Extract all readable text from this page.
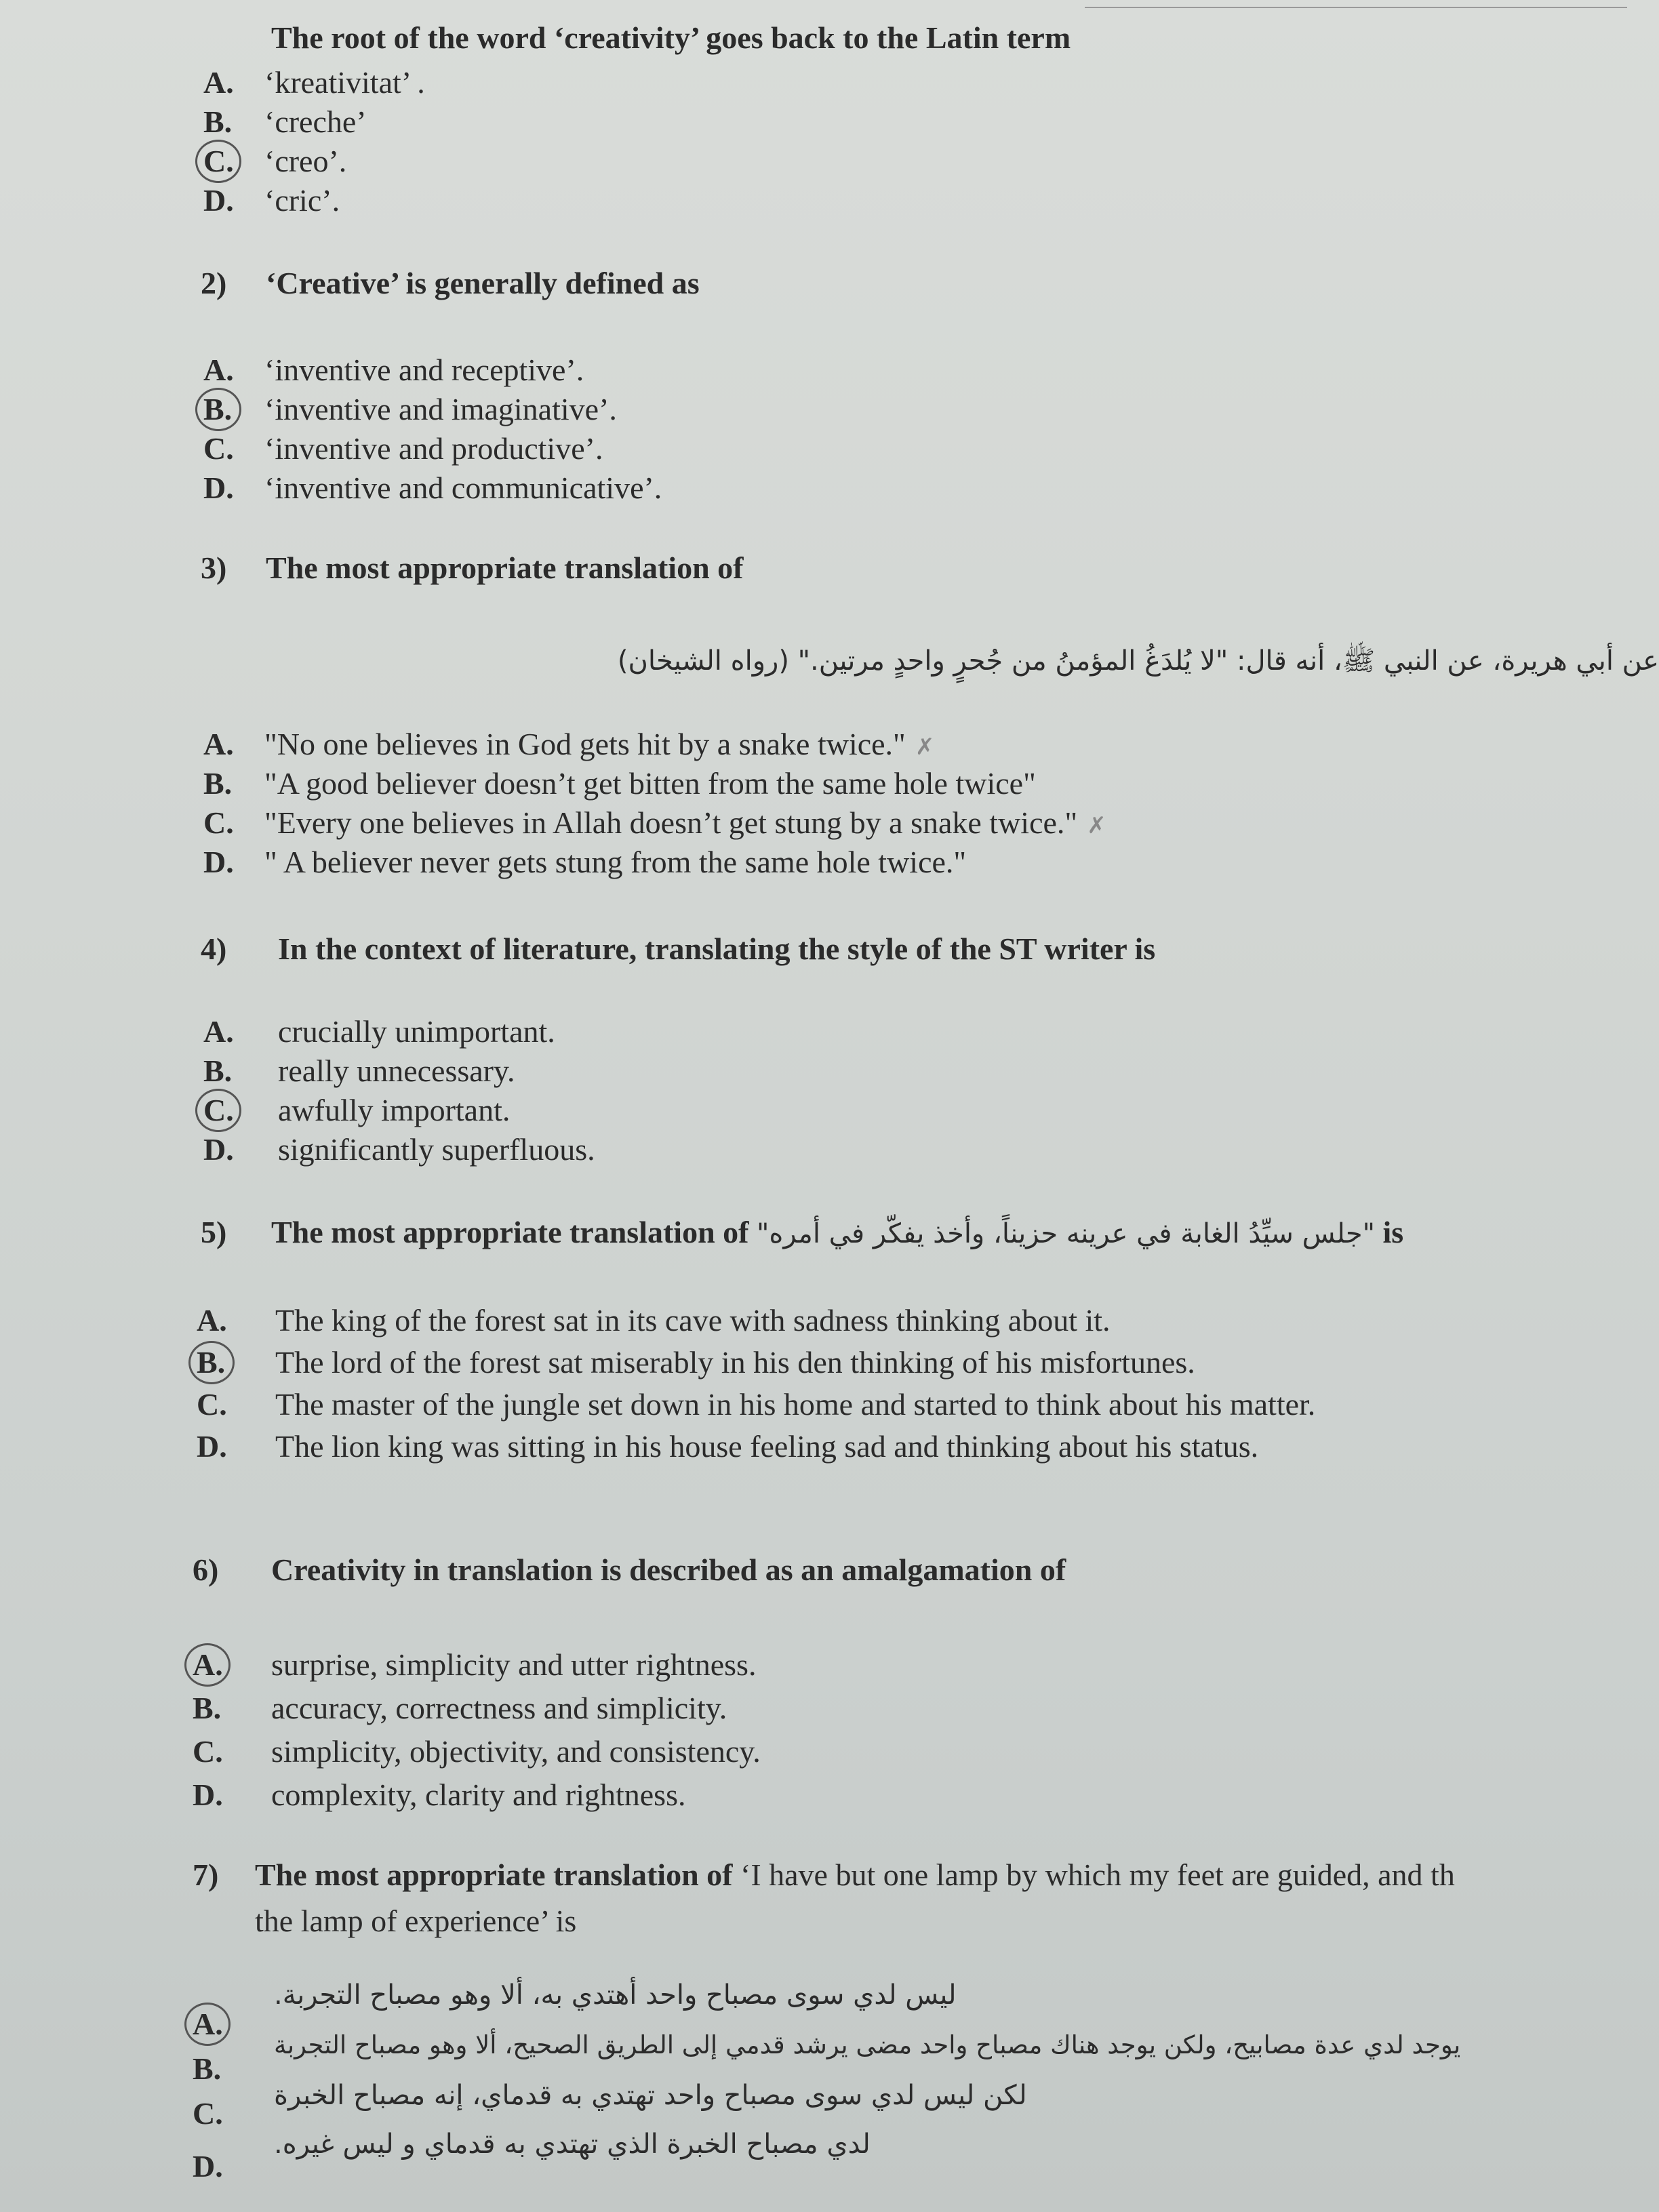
The root of the word ‘creativity’ goes back to the Latin term
A. ‘kreativitat’ .
B. ‘creche’
C. ‘creo’.
D. ‘cric’.
2) ‘Creative’ is generally defined as
A. ‘inventive and receptive’.
B. ‘inventive and imaginative’.
C. ‘inventive and productive’.
D. ‘inventive and communicative’.
3) The most appropriate translation of
عن أبي هريرة، عن النبي ﷺ، أنه قال: "لا يُلدَغُ المؤمنُ من جُحرٍ واحدٍ مرتين." (رواه الشيخان)
A. "No one believes in God gets hit by a snake twice." ✗
B. "A good believer doesn’t get bitten from the same hole twice"
C. "Every one believes in Allah doesn’t get stung by a snake twice." ✗
D. " A believer never gets stung from the same hole twice."
4) In the context of literature, translating the style of the ST writer is
A. crucially unimportant.
B. really unnecessary.
C. awfully important.
D. significantly superfluous.
5) The most appropriate translation of "جلس سيِّدُ الغابة في عرينه حزيناً، وأخذ يفكّر في أمره" is
A. The king of the forest sat in its cave with sadness thinking about it.
B. The lord of the forest sat miserably in his den thinking of his misfortunes.
C. The master of the jungle set down in his home and started to think about his matter.
D. The lion king was sitting in his house feeling sad and thinking about his status.
6) Creativity in translation is described as an amalgamation of
A. surprise, simplicity and utter rightness.
B. accuracy, correctness and simplicity.
C. simplicity, objectivity, and consistency.
D. complexity, clarity and rightness.
7) The most appropriate translation of ‘I have but one lamp by which my feet are guided, and th
the lamp of experience’ is
A.
ليس لدي سوى مصباح واحد أهتدي به، ألا وهو مصباح التجربة.
B.
يوجد لدي عدة مصابيح، ولكن يوجد هناك مصباح واحد مضى يرشد قدمي إلى الطريق الصحيح، ألا وهو مصباح التجربة
C.
لكن ليس لدي سوى مصباح واحد تهتدي به قدماي، إنه مصباح الخبرة
D.
لدي مصباح الخبرة الذي تهتدي به قدماي و ليس غيره.
